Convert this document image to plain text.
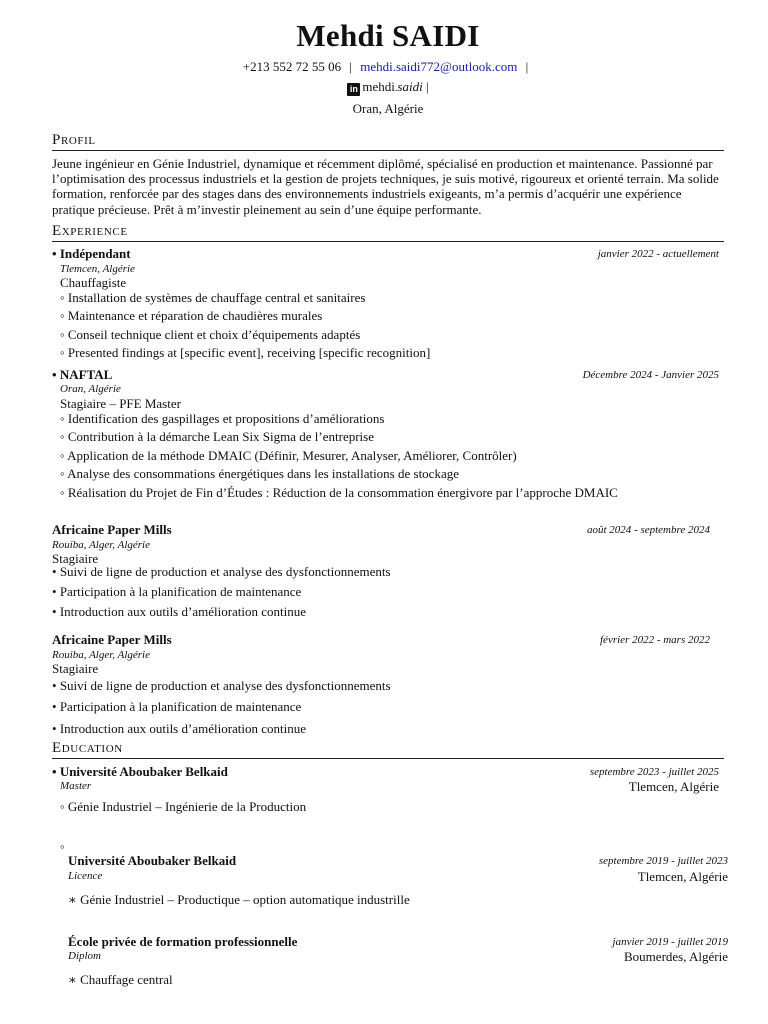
Mehdi SAIDI
+213 552 72 55 06 | mehdi.saidi772@outlook.com |
in mehdi.saidi |
Oran, Algérie
Profil
Jeune ingénieur en Génie Industriel, dynamique et récemment diplômé, spécialisé en production et maintenance. Passionné par l’optimisation des processus industriels et la gestion de projets techniques, je suis motivé, rigoureux et orienté terrain. Ma solide formation, renforcée par des stages dans des environnements industriels exigeants, m’a permis d’acquérir une expérience pratique précieuse. Prêt à m’investir pleinement au sein d’une équipe performante.
Experience
• Indépendant	janvier 2022 - actuellement
Tlemcen, Algérie
Chauffagiste
◦ Installation de systèmes de chauffage central et sanitaires
◦ Maintenance et réparation de chaudières murales
◦ Conseil technique client et choix d’équipements adaptés
◦ Presented findings at [specific event], receiving [specific recognition]
• NAFTAL	Décembre 2024 - Janvier 2025
Oran, Algérie
Stagiaire – PFE Master
◦ Identification des gaspillages et propositions d’améliorations
◦ Contribution à la démarche Lean Six Sigma de l’entreprise
◦ Application de la méthode DMAIC (Définir, Mesurer, Analyser, Améliorer, Contrôler)
◦ Analyse des consommations énergétiques dans les installations de stockage
◦ Réalisation du Projet de Fin d’Études : Réduction de la consommation énergivore par l’approche DMAIC
Africaine Paper Mills	août 2024 - septembre 2024
Rouiba, Alger, Algérie
Stagiaire
• Suivi de ligne de production et analyse des dysfonctionnements
• Participation à la planification de maintenance
• Introduction aux outils d’amélioration continue
Africaine Paper Mills	février 2022 - mars 2022
Rouiba, Alger, Algérie
Stagiaire
• Suivi de ligne de production et analyse des dysfonctionnements
• Participation à la planification de maintenance
• Introduction aux outils d’amélioration continue
Education
• Université Aboubaker Belkaid	septembre 2023 - juillet 2025
Master	Tlemcen, Algérie
◦ Génie Industriel – Ingénierie de la Production
◦
Université Aboubaker Belkaid	septembre 2019 - juillet 2023
Licence	Tlemcen, Algérie
∗ Génie Industriel – Productique – option automatique industrille
École privée de formation professionnelle	janvier 2019 - juillet 2019
Diplom	Boumerdes, Algérie
∗ Chauffage central
